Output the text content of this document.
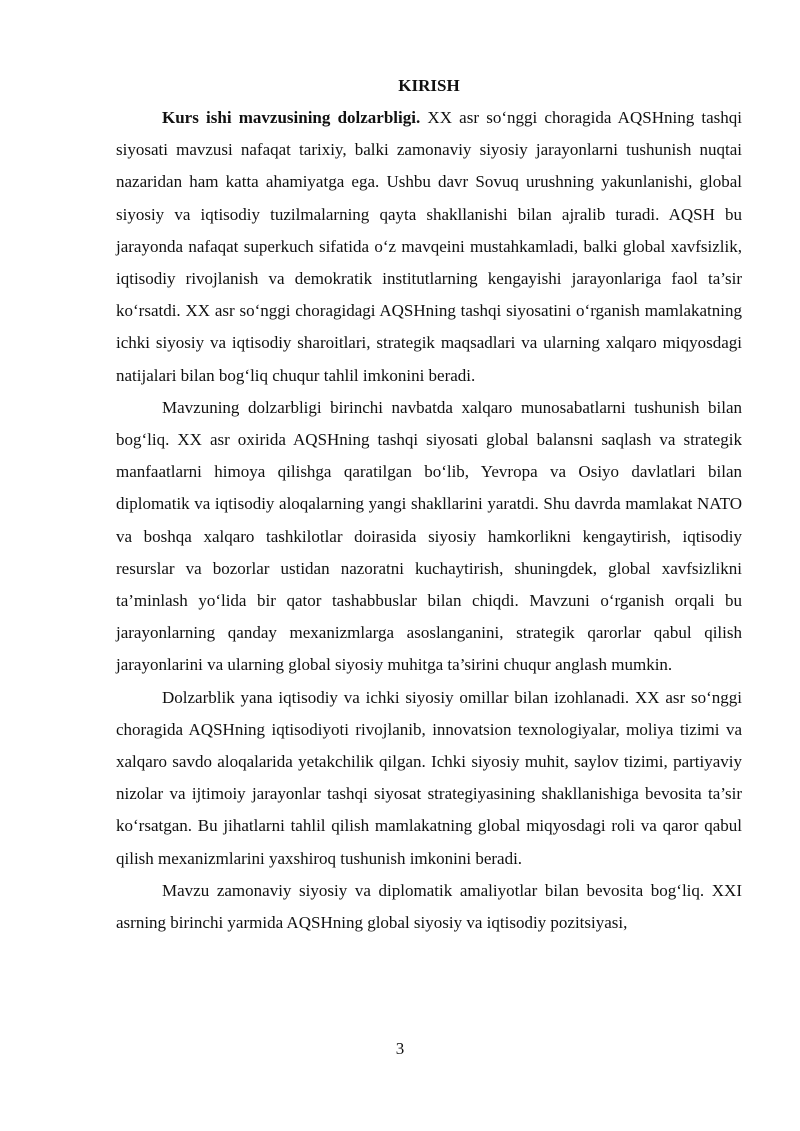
KIRISH

Kurs ishi mavzusining dolzarbligi. XX asr so‘nggi choragida AQSHning tashqi siyosati mavzusi nafaqat tarixiy, balki zamonaviy siyosiy jarayonlarni tushunish nuqtai nazaridan ham katta ahamiyatga ega. Ushbu davr Sovuq urushning yakunlanishi, global siyosiy va iqtisodiy tuzilmalarning qayta shakllanishi bilan ajralib turadi. AQSH bu jarayonda nafaqat superkuch sifatida o‘z mavqeini mustahkamladi, balki global xavfsizlik, iqtisodiy rivojlanish va demokratik institutlarning kengayishi jarayonlariga faol ta’sir ko‘rsatdi. XX asr so‘nggi choragidagi AQSHning tashqi siyosatini o‘rganish mamlakatning ichki siyosiy va iqtisodiy sharoitlari, strategik maqsadlari va ularning xalqaro miqyosdagi natijalari bilan bog‘liq chuqur tahlil imkonini beradi.

Mavzuning dolzarbligi birinchi navbatda xalqaro munosabatlarni tushunish bilan bog‘liq. XX asr oxirida AQSHning tashqi siyosati global balansni saqlash va strategik manfaatlarni himoya qilishga qaratilgan bo‘lib, Yevropa va Osiyo davlatlari bilan diplomatik va iqtisodiy aloqalarning yangi shakllarini yaratdi. Shu davrda mamlakat NATO va boshqa xalqaro tashkilotlar doirasida siyosiy hamkorlikni kengaytirish, iqtisodiy resurslar va bozorlar ustidan nazoratni kuchaytirish, shuningdek, global xavfsizlikni ta’minlash yo‘lida bir qator tashabbuslar bilan chiqdi. Mavzuni o‘rganish orqali bu jarayonlarning qanday mexanizmlarga asoslanganini, strategik qarorlar qabul qilish jarayonlarini va ularning global siyosiy muhitga ta’sirini chuqur anglash mumkin.

Dolzarblik yana iqtisodiy va ichki siyosiy omillar bilan izohlanadi. XX asr so‘nggi choragida AQSHning iqtisodiyoti rivojlanib, innovatsion texnologiyalar, moliya tizimi va xalqaro savdo aloqalarida yetakchilik qilgan. Ichki siyosiy muhit, saylov tizimi, partiyaviy nizolar va ijtimoiy jarayonlar tashqi siyosat strategiyasining shakllanishiga bevosita ta’sir ko‘rsatgan. Bu jihatlarni tahlil qilish mamlakatning global miqyosdagi roli va qaror qabul qilish mexanizmlarini yaxshiroq tushunish imkonini beradi.

Mavzu zamonaviy siyosiy va diplomatik amaliyotlar bilan bevosita bog‘liq. XXI asrning birinchi yarmida AQSHning global siyosiy va iqtisodiy pozitsiyasi,

3
